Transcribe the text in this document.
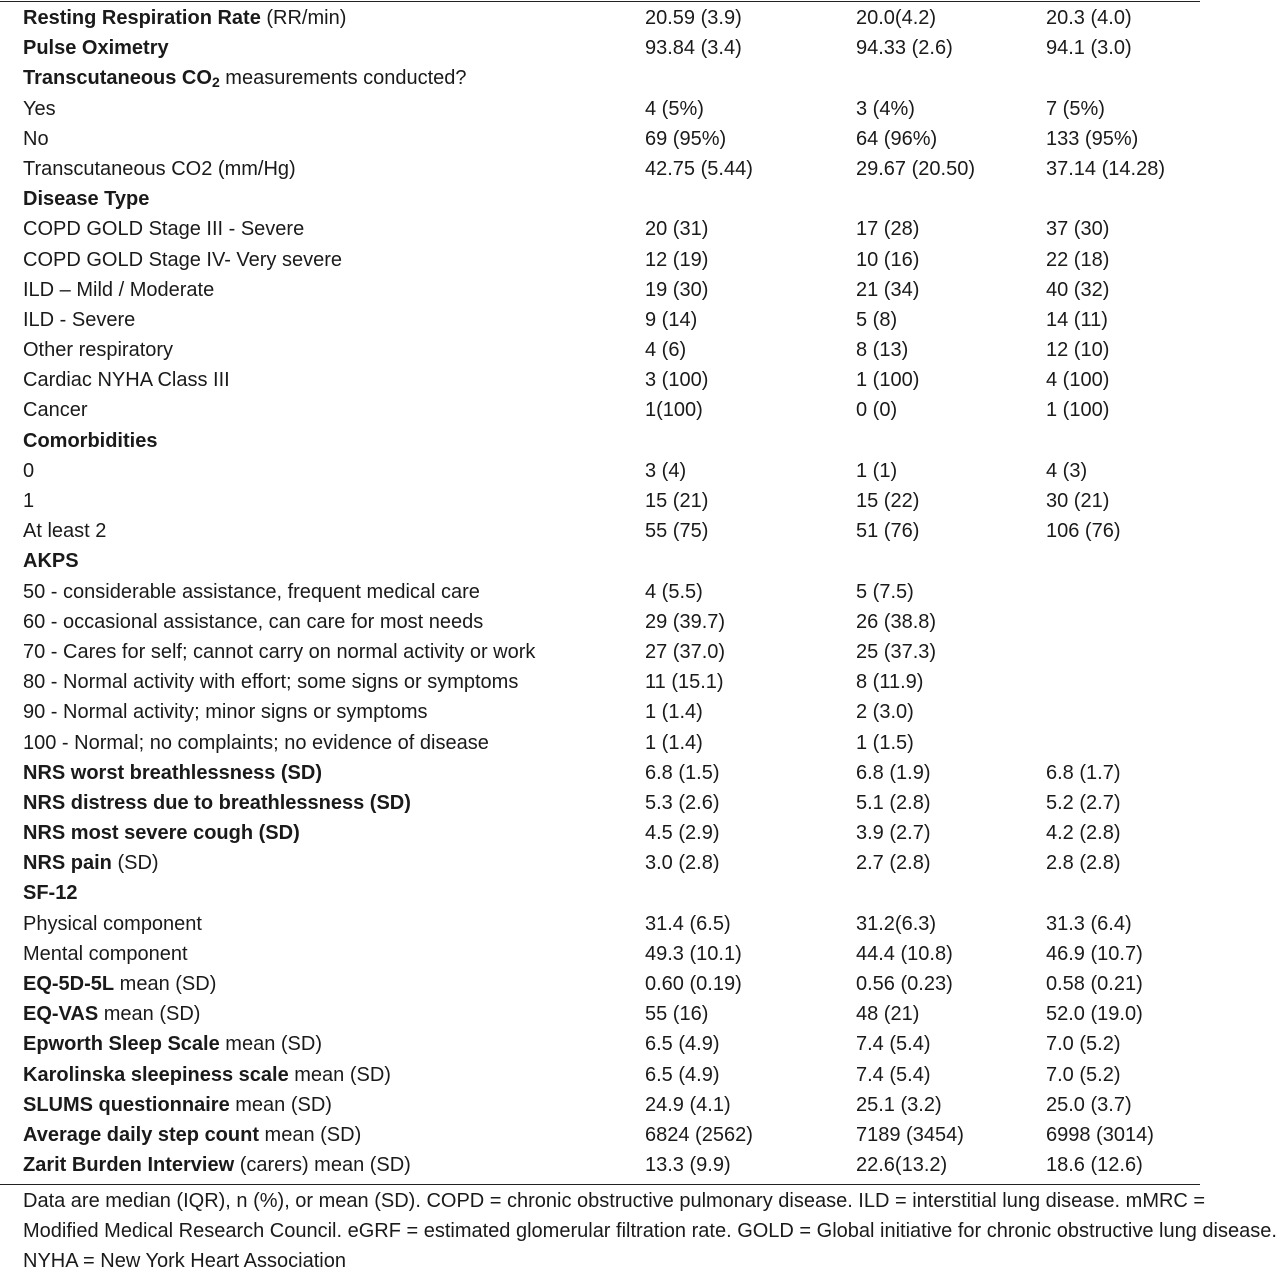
Resting Respiration Rate (RR/min)	20.59 (3.9)	20.0(4.2)	20.3 (4.0)
Pulse Oximetry	93.84 (3.4)	94.33 (2.6)	94.1 (3.0)
Transcutaneous $CO_2$ measurements conducted?
Yes	4 (5%)	3 (4%)	7 (5%)
No	69 (95%)	64 (96%)	133 (95%)
Transcutaneous CO2 (mm/Hg)	42.75 (5.44)	29.67 (20.50)	37.14 (14.28)
Disease Type
COPD GOLD Stage III - Severe	20 (31)	17 (28)	37 (30)
COPD GOLD Stage IV- Very severe	12 (19)	10 (16)	22 (18)
ILD – Mild / Moderate	19 (30)	21 (34)	40 (32)
ILD - Severe	9 (14)	5 (8)	14 (11)
Other respiratory	4 (6)	8 (13)	12 (10)
Cardiac NYHA Class III	3 (100)	1 (100)	4 (100)
Cancer	1(100)	0 (0)	1 (100)
Comorbidities
0	3 (4)	1 (1)	4 (3)
1	15 (21)	15 (22)	30 (21)
At least 2	55 (75)	51 (76)	106 (76)
AKPS
50 - considerable assistance, frequent medical care	4 (5.5)	5 (7.5)
60 - occasional assistance, can care for most needs	29 (39.7)	26 (38.8)
70 - Cares for self; cannot carry on normal activity or work	27 (37.0)	25 (37.3)
80 - Normal activity with effort; some signs or symptoms	11 (15.1)	8 (11.9)
90 - Normal activity; minor signs or symptoms	1 (1.4)	2 (3.0)
100 - Normal; no complaints; no evidence of disease	1 (1.4)	1 (1.5)
NRS worst breathlessness (SD)	6.8 (1.5)	6.8 (1.9)	6.8 (1.7)
NRS distress due to breathlessness (SD)	5.3 (2.6)	5.1 (2.8)	5.2 (2.7)
NRS most severe cough (SD)	4.5 (2.9)	3.9 (2.7)	4.2 (2.8)
NRS pain (SD)	3.0 (2.8)	2.7 (2.8)	2.8 (2.8)
SF-12
Physical component	31.4 (6.5)	31.2(6.3)	31.3 (6.4)
Mental component	49.3 (10.1)	44.4 (10.8)	46.9 (10.7)
EQ-5D-5L mean (SD)	0.60 (0.19)	0.56 (0.23)	0.58 (0.21)
EQ-VAS mean (SD)	55 (16)	48 (21)	52.0 (19.0)
Epworth Sleep Scale mean (SD)	6.5 (4.9)	7.4 (5.4)	7.0 (5.2)
Karolinska sleepiness scale mean (SD)	6.5 (4.9)	7.4 (5.4)	7.0 (5.2)
SLUMS questionnaire mean (SD)	24.9 (4.1)	25.1 (3.2)	25.0 (3.7)
Average daily step count mean (SD)	6824 (2562)	7189 (3454)	6998 (3014)
Zarit Burden Interview (carers) mean (SD)	13.3 (9.9)	22.6(13.2)	18.6 (12.6)
Data are median (IQR), n (%), or mean (SD). COPD = chronic obstructive pulmonary disease. ILD = interstitial lung disease. mMRC = Modified Medical Research Council. eGRF = estimated glomerular filtration rate. GOLD = Global initiative for chronic obstructive lung disease. NYHA = New York Heart Association
